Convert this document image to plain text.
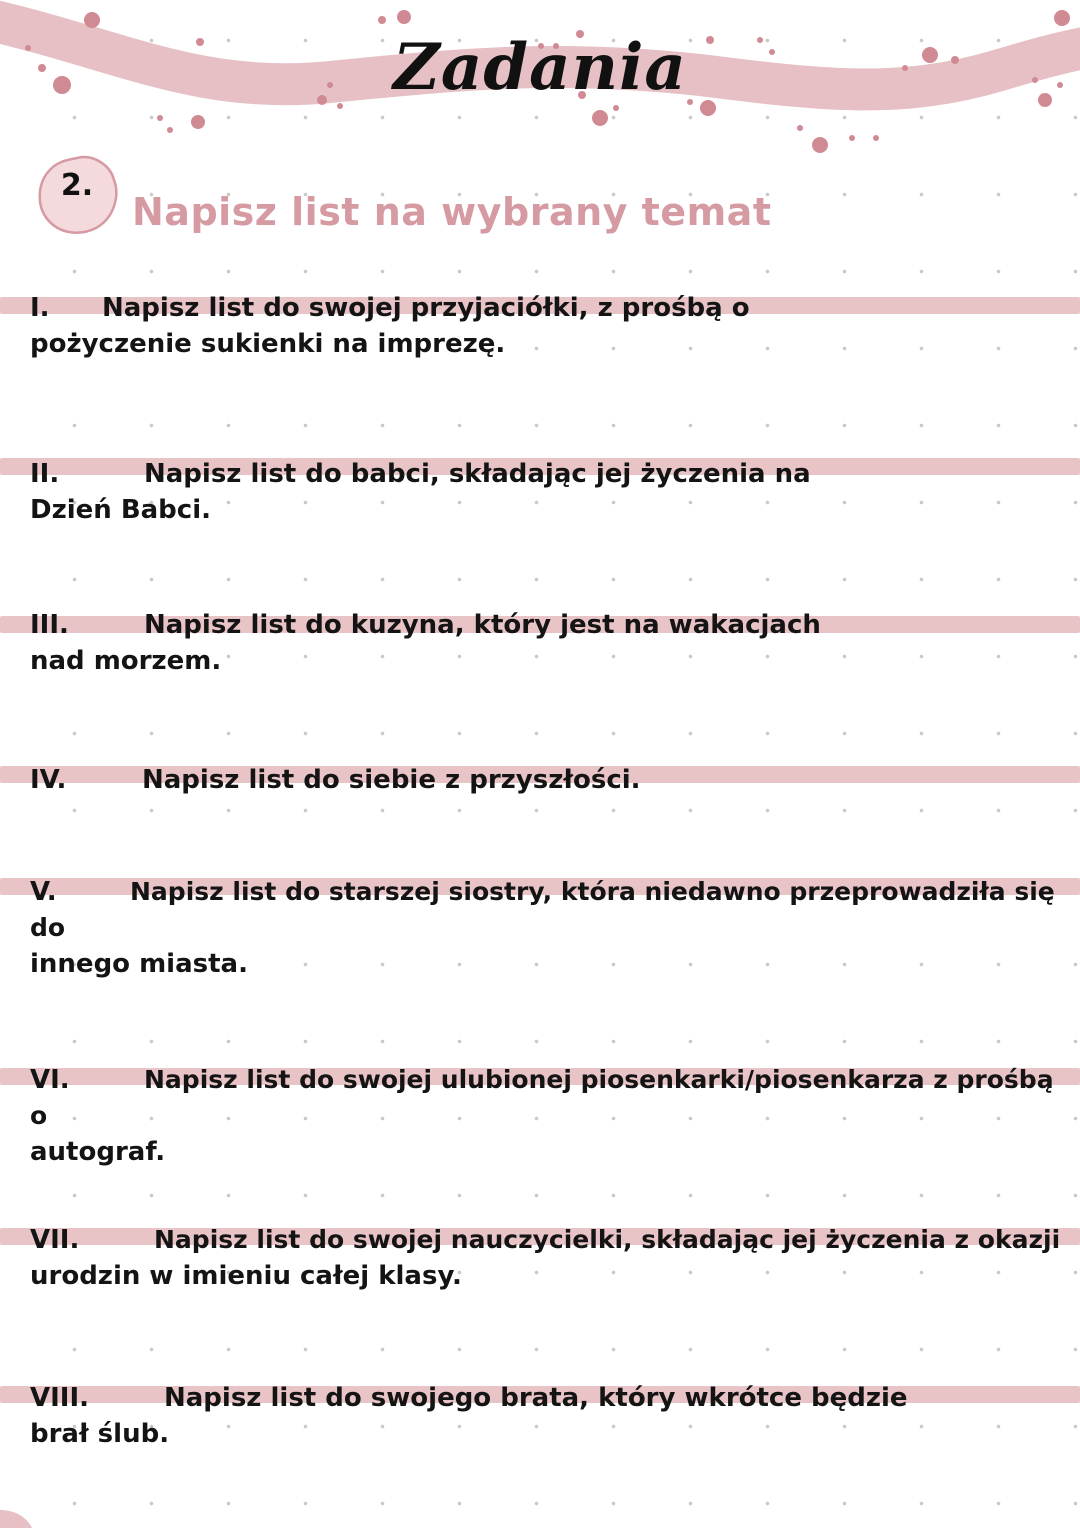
Zadania
2.
Napisz list na wybrany temat
I. Napisz list do swojej przyjaciółki, z prośbą o
pożyczenie sukienki na imprezę.
II.	Napisz list do babci, składając jej życzenia na
Dzień Babci.
III.	Napisz list do kuzyna, który jest na wakacjach
nad morzem.
IV.	Napisz list do siebie z przyszłości.
V.	Napisz list do starszej siostry, która niedawno przeprowadziła się do
innego miasta.
VI.	Napisz list do swojej ulubionej piosenkarki/piosenkarza z prośbą o
autograf.
VII.	Napisz list do swojej nauczycielki, składając jej życzenia z okazji
urodzin w imieniu całej klasy.
VIII.	Napisz list do swojego brata, który wkrótce będzie
brał ślub.
